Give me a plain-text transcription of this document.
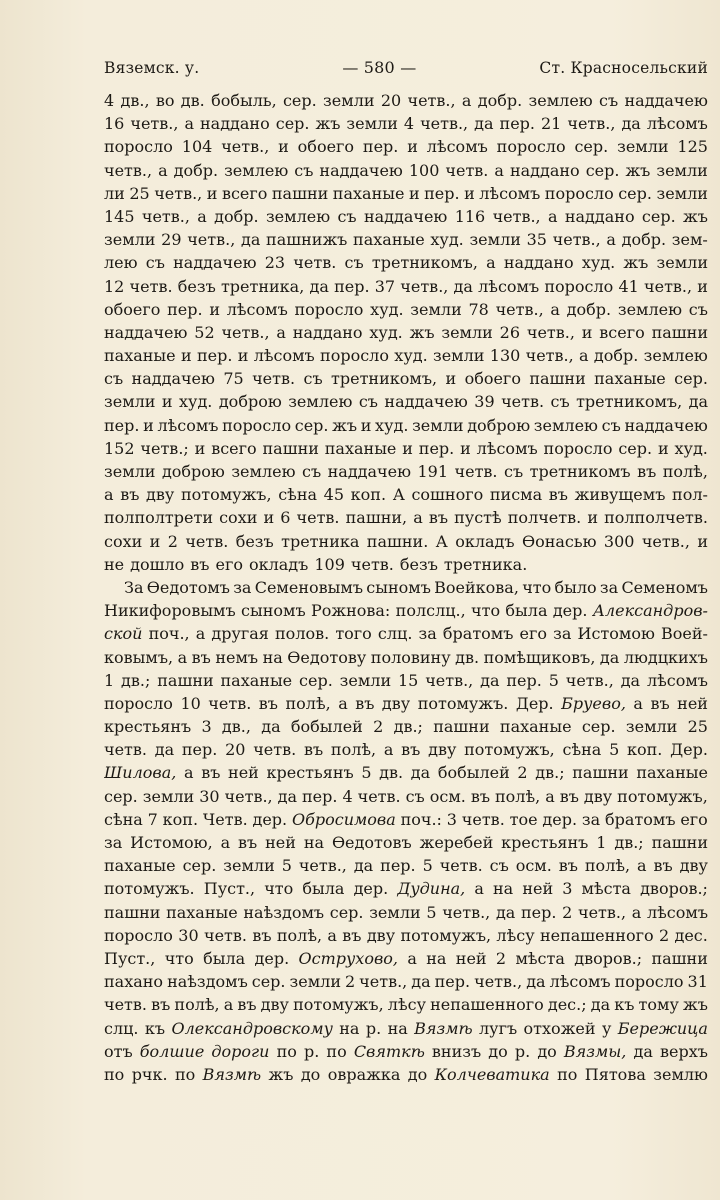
Вяземск. у.	— 580 —	Ст. Красносельский
4 дв., во дв. бобыль, сер. земли 20 четв., а добр. землею съ наддачею
16 четв., а наддано сер. жъ земли 4 четв., да пер. 21 четв., да лѣсомъ
поросло 104 четв., и обоего пер. и лѣсомъ поросло сер. земли 125
четв., а добр. землею съ наддачею 100 четв. а наддано сер. жъ земли
ли 25 четв., и всего пашни паханые и пер. и лѣсомъ поросло сер. земли
145 четв., а добр. землею съ наддачею 116 четв., а наддано сер. жъ
земли 29 четв., да пашнижъ паханые худ. земли 35 четв., а добр. зем-
лею съ наддачею 23 четв. съ третникомъ, а наддано худ. жъ земли
12 четв. безъ третника, да пер. 37 четв., да лѣсомъ поросло 41 четв., и
обоего пер. и лѣсомъ поросло худ. земли 78 четв., а добр. землею съ
наддачею 52 четв., а наддано худ. жъ земли 26 четв., и всего пашни
паханые и пер. и лѣсомъ поросло худ. земли 130 четв., а добр. землею
съ наддачею 75 четв. съ третникомъ, и обоего пашни паханые сер.
земли и худ. доброю землею съ наддачею 39 четв. съ третникомъ, да
пер. и лѣсомъ поросло сер. жъ и худ. земли доброю землею съ наддачею
152 четв.; и всего пашни паханые и пер. и лѣсомъ поросло сер. и худ.
земли доброю землею съ наддачею 191 четв. съ третникомъ въ полѣ,
а въ дву потомужъ, сѣна 45 коп. А сошного писма въ живущемъ пол-
полполтрети сохи и 6 четв. пашни, а въ пустѣ полчетв. и полполчетв.
сохи и 2 четв. безъ третника пашни. А окладъ Өонасью 300 четв., и
не дошло въ его окладъ 109 четв. безъ третника.
За Өедотомъ за Семеновымъ сыномъ Воейкова, что было за Семеномъ
Никифоровымъ сыномъ Рожнова: полслц., что была дер. Александров-
ской поч., а другая полов. того слц. за братомъ его за Истомою Воей-
ковымъ, а въ немъ на Өедотову половину дв. помѣщиковъ, да людцкихъ
1 дв.; пашни паханые сер. земли 15 четв., да пер. 5 четв., да лѣсомъ
поросло 10 четв. въ полѣ, а въ дву потомужъ. Дер. Бруево, а въ ней
крестьянъ 3 дв., да бобылей 2 дв.; пашни паханые сер. земли 25
четв. да пер. 20 четв. въ полѣ, а въ дву потомужъ, сѣна 5 коп. Дер.
Шилова, а въ ней крестьянъ 5 дв. да бобылей 2 дв.; пашни паханые
сер. земли 30 четв., да пер. 4 четв. съ осм. въ полѣ, а въ дву потомужъ,
сѣна 7 коп. Четв. дер. Обросимова поч.: 3 четв. тое дер. за братомъ его
за Истомою, а въ ней на Өедотовъ жеребей крестьянъ 1 дв.; пашни
паханые сер. земли 5 четв., да пер. 5 четв. съ осм. въ полѣ, а въ дву
потомужъ. Пуст., что была дер. Дудина, а на ней 3 мѣста дворов.;
пашни паханые наѣздомъ сер. земли 5 четв., да пер. 2 четв., а лѣсомъ
поросло 30 четв. въ полѣ, а въ дву потомужъ, лѣсу непашенного 2 дес.
Пуст., что была дер. Острухово, а на ней 2 мѣста дворов.; пашни
пахано наѣздомъ сер. земли 2 четв., да пер. четв., да лѣсомъ поросло 31
четв. въ полѣ, а въ дву потомужъ, лѣсу непашенного дес.; да къ тому жъ
слц. къ Олександровскому на р. на Вязмѣ лугъ отхожей у Бережица
отъ болшие дороги по р. по Святкѣ внизъ до р. до Вязмы, да верхъ
по рчк. по Вязмѣ жъ до овражка до Колчеватика по Пятова землю
